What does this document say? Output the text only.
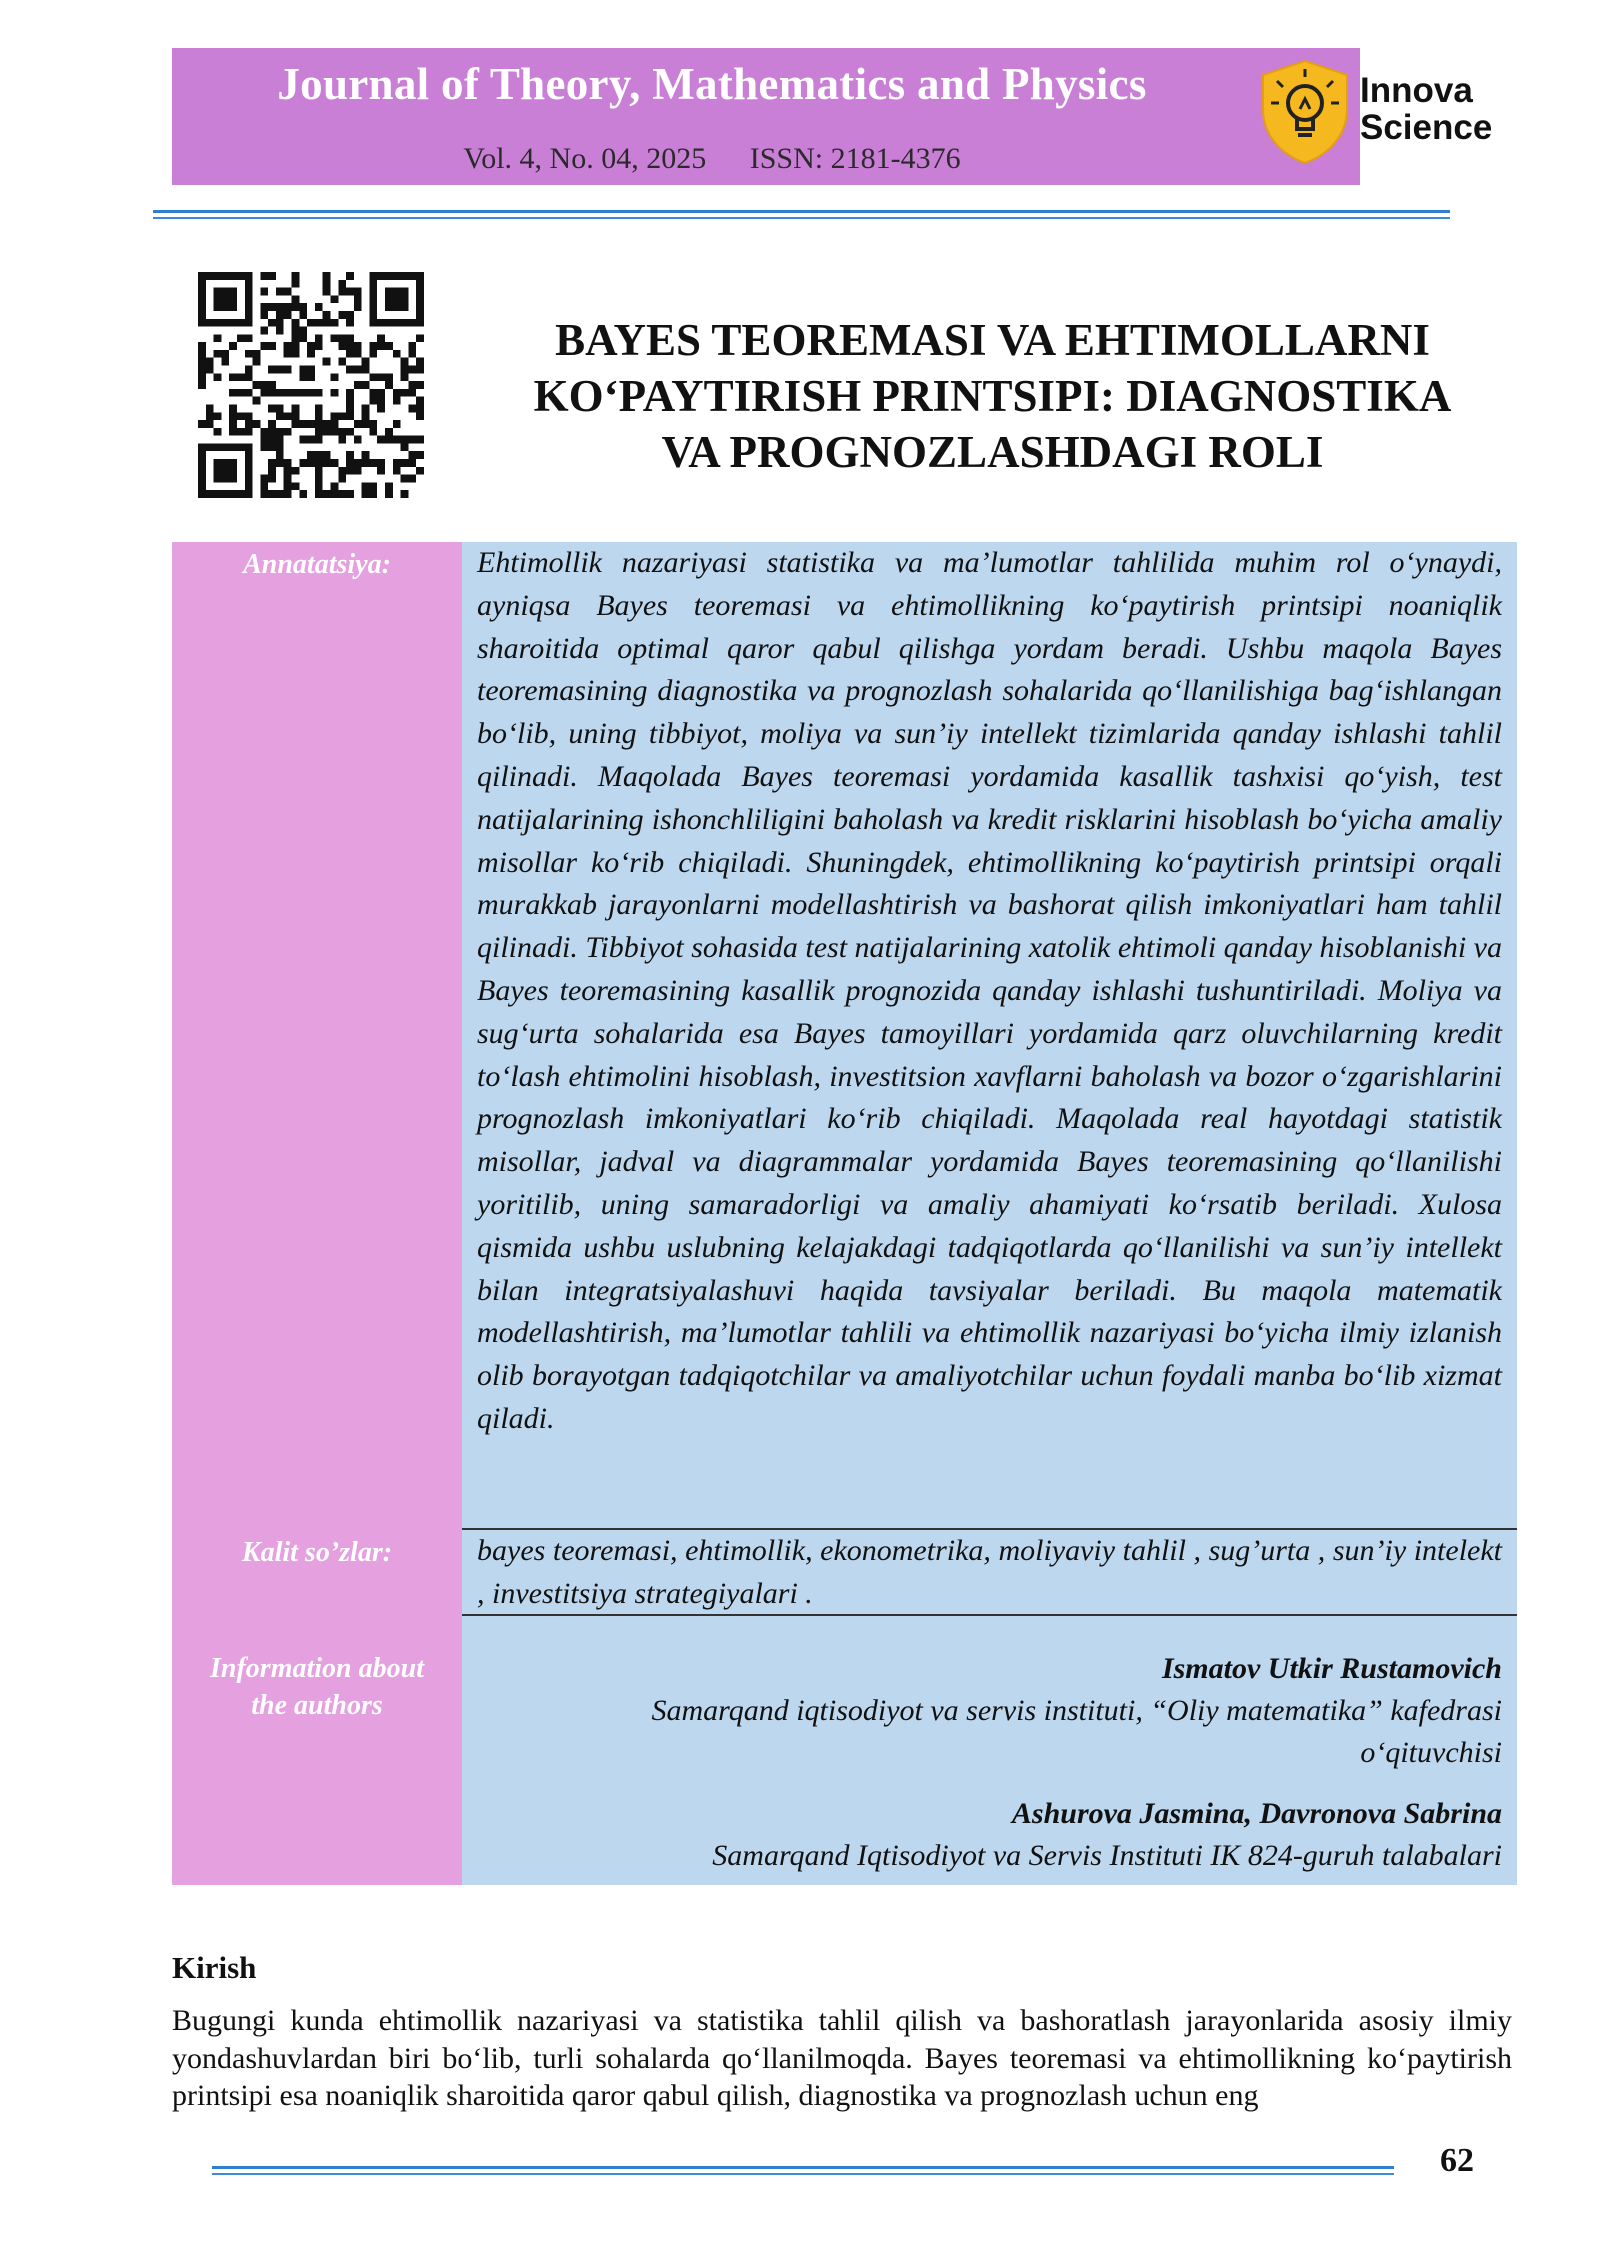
Journal of Theory, Mathematics and Physics
Vol. 4, No. 04, 2025 ISSN: 2181-4376
Innova
Science
BAYES TEOREMASI VA EHTIMOLLARNI
KO‘PAYTIRISH PRINTSIPI: DIAGNOSTIKA
VA PROGNOZLASHDAGI ROLI
Annatatsiya:	Ehtimollik nazariyasi statistika va ma’lumotlar tahlilida muhim rol o‘ynaydi, ayniqsa Bayes teoremasi va ehtimollikning ko‘paytirish printsipi noaniqlik sharoitida optimal qaror qabul qilishga yordam beradi. Ushbu maqola Bayes teoremasining diagnostika va prognozlash sohalarida qo‘llanilishiga bag‘ishlangan bo‘lib, uning tibbiyot, moliya va sun’iy intellekt tizimlarida qanday ishlashi tahlil qilinadi. Maqolada Bayes teoremasi yordamida kasallik tashxisi qo‘yish, test natijalarining ishonchliligini baholash va kredit risklarini hisoblash bo‘yicha amaliy misollar ko‘rib chiqiladi. Shuningdek, ehtimollikning ko‘paytirish printsipi orqali murakkab jarayonlarni modellashtirish va bashorat qilish imkoniyatlari ham tahlil qilinadi. Tibbiyot sohasida test natijalarining xatolik ehtimoli qanday hisoblanishi va Bayes teoremasining kasallik prognozida qanday ishlashi tushuntiriladi. Moliya va sug‘urta sohalarida esa Bayes tamoyillari yordamida qarz oluvchilarning kredit to‘lash ehtimolini hisoblash, investitsion xavflarni baholash va bozor o‘zgarishlarini prognozlash imkoniyatlari ko‘rib chiqiladi. Maqolada real hayotdagi statistik misollar, jadval va diagrammalar yordamida Bayes teoremasining qo‘llanilishi yoritilib, uning samaradorligi va amaliy ahamiyati ko‘rsatib beriladi. Xulosa qismida ushbu uslubning kelajakdagi tadqiqotlarda qo‘llanilishi va sun’iy intellekt bilan integratsiyalashuvi haqida tavsiyalar beriladi. Bu maqola matematik modellashtirish, ma’lumotlar tahlili va ehtimollik nazariyasi bo‘yicha ilmiy izlanish olib borayotgan tadqiqotchilar va amaliyotchilar uchun foydali manba bo‘lib xizmat qiladi.
Kalit so’zlar:	bayes teoremasi, ehtimollik, ekonometrika, moliyaviy tahlil , sug’urta , sun’iy intelekt , investitsiya strategiyalari .
Information about
the authors
Ismatov Utkir Rustamovich
Samarqand iqtisodiyot va servis instituti, “Oliy matematika” kafedrasi
o‘qituvchisi
Ashurova Jasmina, Davronova Sabrina
Samarqand Iqtisodiyot va Servis Instituti IK 824-guruh talabalari
Kirish
Bugungi kunda ehtimollik nazariyasi va statistika tahlil qilish va bashoratlash jarayonlarida asosiy ilmiy yondashuvlardan biri bo‘lib, turli sohalarda qo‘llanilmoqda. Bayes teoremasi va ehtimollikning ko‘paytirish printsipi esa noaniqlik sharoitida qaror qabul qilish, diagnostika va prognozlash uchun eng
62
